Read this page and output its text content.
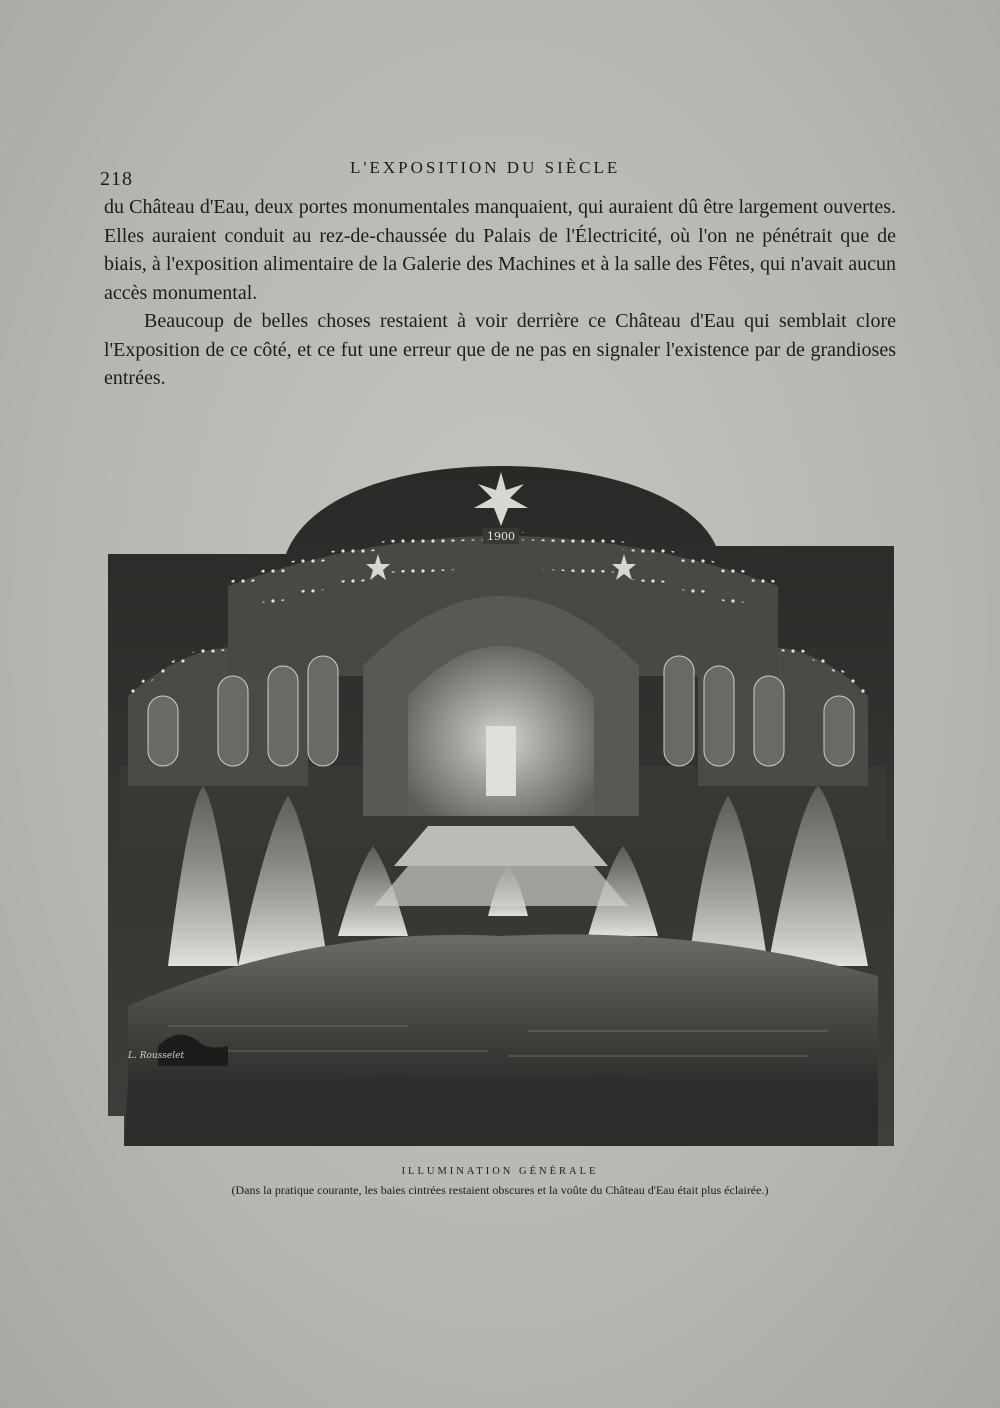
218
L'EXPOSITION DU SIÈCLE

du Château d'Eau, deux portes monumentales manquaient, qui auraient dû être largement ouvertes. Elles auraient conduit au rez-de-chaussée du Palais de l'Électricité, où l'on ne pénétrait que de biais, à l'exposition alimentaire de la Galerie des Machines et à la salle des Fêtes, qui n'avait aucun accès monumental.

Beaucoup de belles choses restaient à voir derrière ce Château d'Eau qui semblait clore l'Exposition de ce côté, et ce fut une erreur que de ne pas en signaler l'existence par de grandioses entrées.

1900
L. Rousselet
ILLUMINATION GÉNÉRALE
(Dans la pratique courante, les baies cintrées restaient obscures et la voûte du Château d'Eau était plus éclairée.)
